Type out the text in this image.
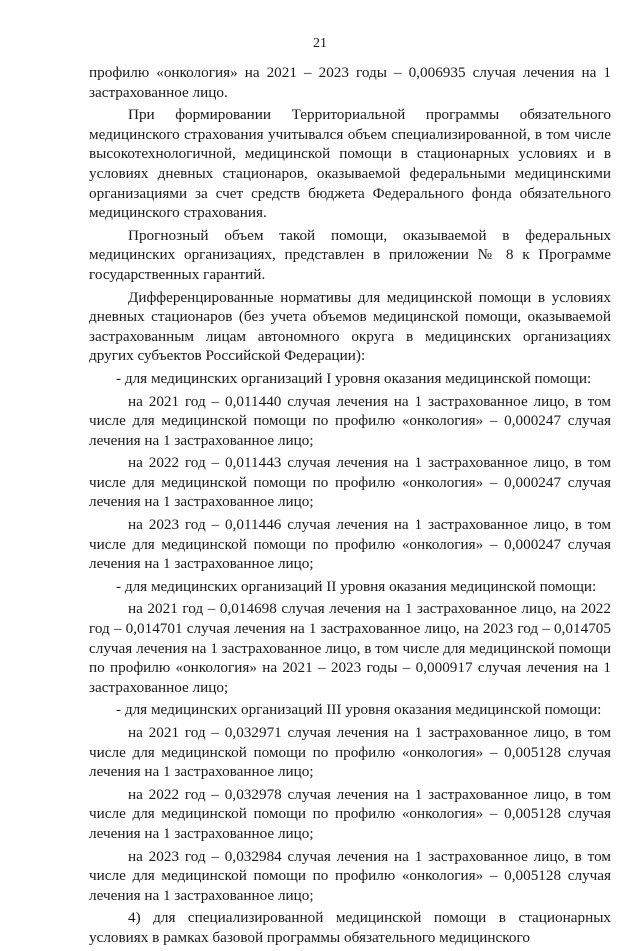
21

профилю «онкология» на 2021 – 2023 годы – 0,006935 случая лечения на 1 застрахованное лицо.

При формировании Территориальной программы обязательного медицинского страхования учитывался объем специализированной, в том числе высокотехнологичной, медицинской помощи в стационарных условиях и в условиях дневных стационаров, оказываемой федеральными медицинскими организациями за счет средств бюджета Федерального фонда обязательного медицинского страхования.

Прогнозный объем такой помощи, оказываемой в федеральных медицинских организациях, представлен в приложении № 8 к Программе государственных гарантий.

Дифференцированные нормативы для медицинской помощи в условиях дневных стационаров (без учета объемов медицинской помощи, оказываемой застрахованным лицам автономного округа в медицинских организациях других субъектов Российской Федерации):

- для медицинских организаций I уровня оказания медицинской помощи:

на 2021 год – 0,011440 случая лечения на 1 застрахованное лицо, в том числе для медицинской помощи по профилю «онкология» – 0,000247 случая лечения на 1 застрахованное лицо;

на 2022 год – 0,011443 случая лечения на 1 застрахованное лицо, в том числе для медицинской помощи по профилю «онкология» – 0,000247 случая лечения на 1 застрахованное лицо;

на 2023 год – 0,011446 случая лечения на 1 застрахованное лицо, в том числе для медицинской помощи по профилю «онкология» – 0,000247 случая лечения на 1 застрахованное лицо;

- для медицинских организаций II уровня оказания медицинской помощи:

на 2021 год – 0,014698 случая лечения на 1 застрахованное лицо, на 2022 год – 0,014701 случая лечения на 1 застрахованное лицо, на 2023 год – 0,014705 случая лечения на 1 застрахованное лицо, в том числе для медицинской помощи по профилю «онкология» на 2021 – 2023 годы – 0,000917 случая лечения на 1 застрахованное лицо;

- для медицинских организаций III уровня оказания медицинской помощи:

на 2021 год – 0,032971 случая лечения на 1 застрахованное лицо, в том числе для медицинской помощи по профилю «онкология» – 0,005128 случая лечения на 1 застрахованное лицо;

на 2022 год – 0,032978 случая лечения на 1 застрахованное лицо, в том числе для медицинской помощи по профилю «онкология» – 0,005128 случая лечения на 1 застрахованное лицо;

на 2023 год – 0,032984 случая лечения на 1 застрахованное лицо, в том числе для медицинской помощи по профилю «онкология» – 0,005128 случая лечения на 1 застрахованное лицо;

4) для специализированной медицинской помощи в стационарных условиях в рамках базовой программы обязательного медицинского
